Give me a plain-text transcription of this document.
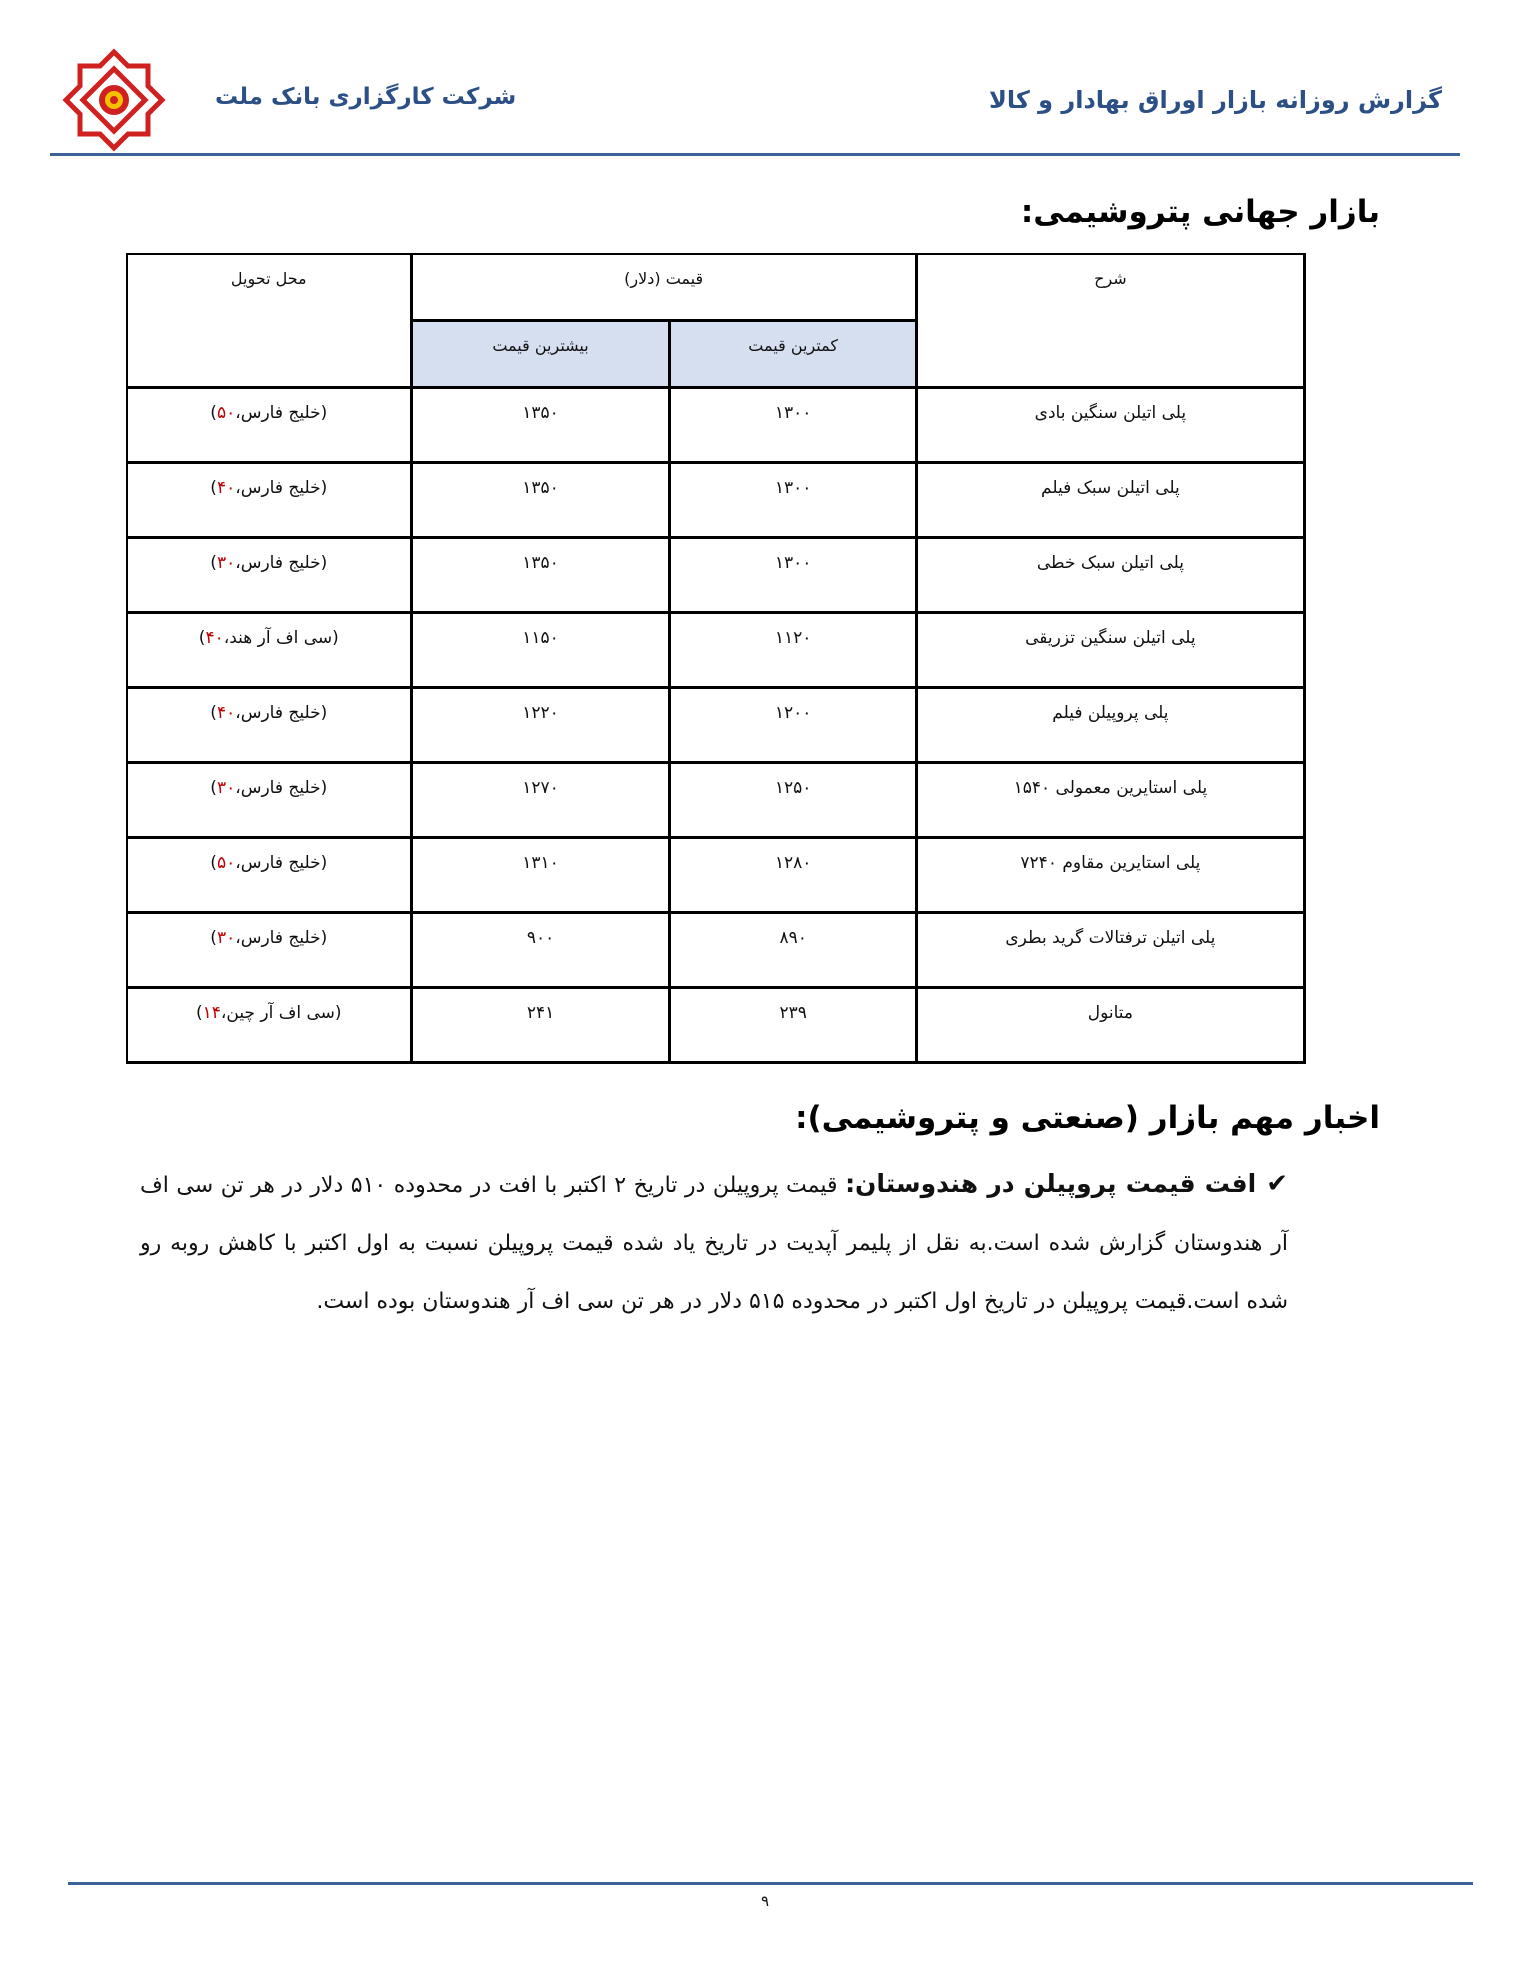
شرکت کارگزاری بانک ملت	گزارش روزانه بازار اوراق بهادار و کالا
بازار جهانی پتروشیمی:
شرح	قیمت (دلار)		محل تحویل
	کمترین قیمت	بیشترین قیمت	
پلی اتیلن سنگین بادی	۱۳۰۰	۱۳۵۰	(خلیج فارس،۵۰)
پلی اتیلن سبک فیلم	۱۳۰۰	۱۳۵۰	(خلیج فارس،۴۰)
پلی اتیلن سبک خطی	۱۳۰۰	۱۳۵۰	(خلیج فارس،۳۰)
پلی اتیلن سنگین تزریقی	۱۱۲۰	۱۱۵۰	(سی اف آر هند،۴۰)
پلی پروپیلن فیلم	۱۲۰۰	۱۲۲۰	(خلیج فارس،۴۰)
پلی استایرین معمولی ۱۵۴۰	۱۲۵۰	۱۲۷۰	(خلیج فارس،۳۰)
پلی استایرین مقاوم ۷۲۴۰	۱۲۸۰	۱۳۱۰	(خلیج فارس،۵۰)
پلی اتیلن ترفتالات گرید بطری	۸۹۰	۹۰۰	(خلیج فارس،۳۰)
متانول	۲۳۹	۲۴۱	(سی اف آر چین،۱۴)
اخبار مهم بازار (صنعتی و پتروشیمی):
✔افت قیمت پروپیلن در هندوستان: قیمت پروپیلن در تاریخ ۲ اکتبر با افت در محدوده ۵۱۰ دلار در هر تن سی اف آر هندوستان گزارش شده است.به نقل از پلیمر آپدیت در تاریخ یاد شده قیمت پروپیلن نسبت به اول اکتبر با کاهش روبه رو شده است.قیمت پروپیلن در تاریخ اول اکتبر در محدوده ۵۱۵ دلار در هر تن سی اف آر هندوستان بوده است.
۹
